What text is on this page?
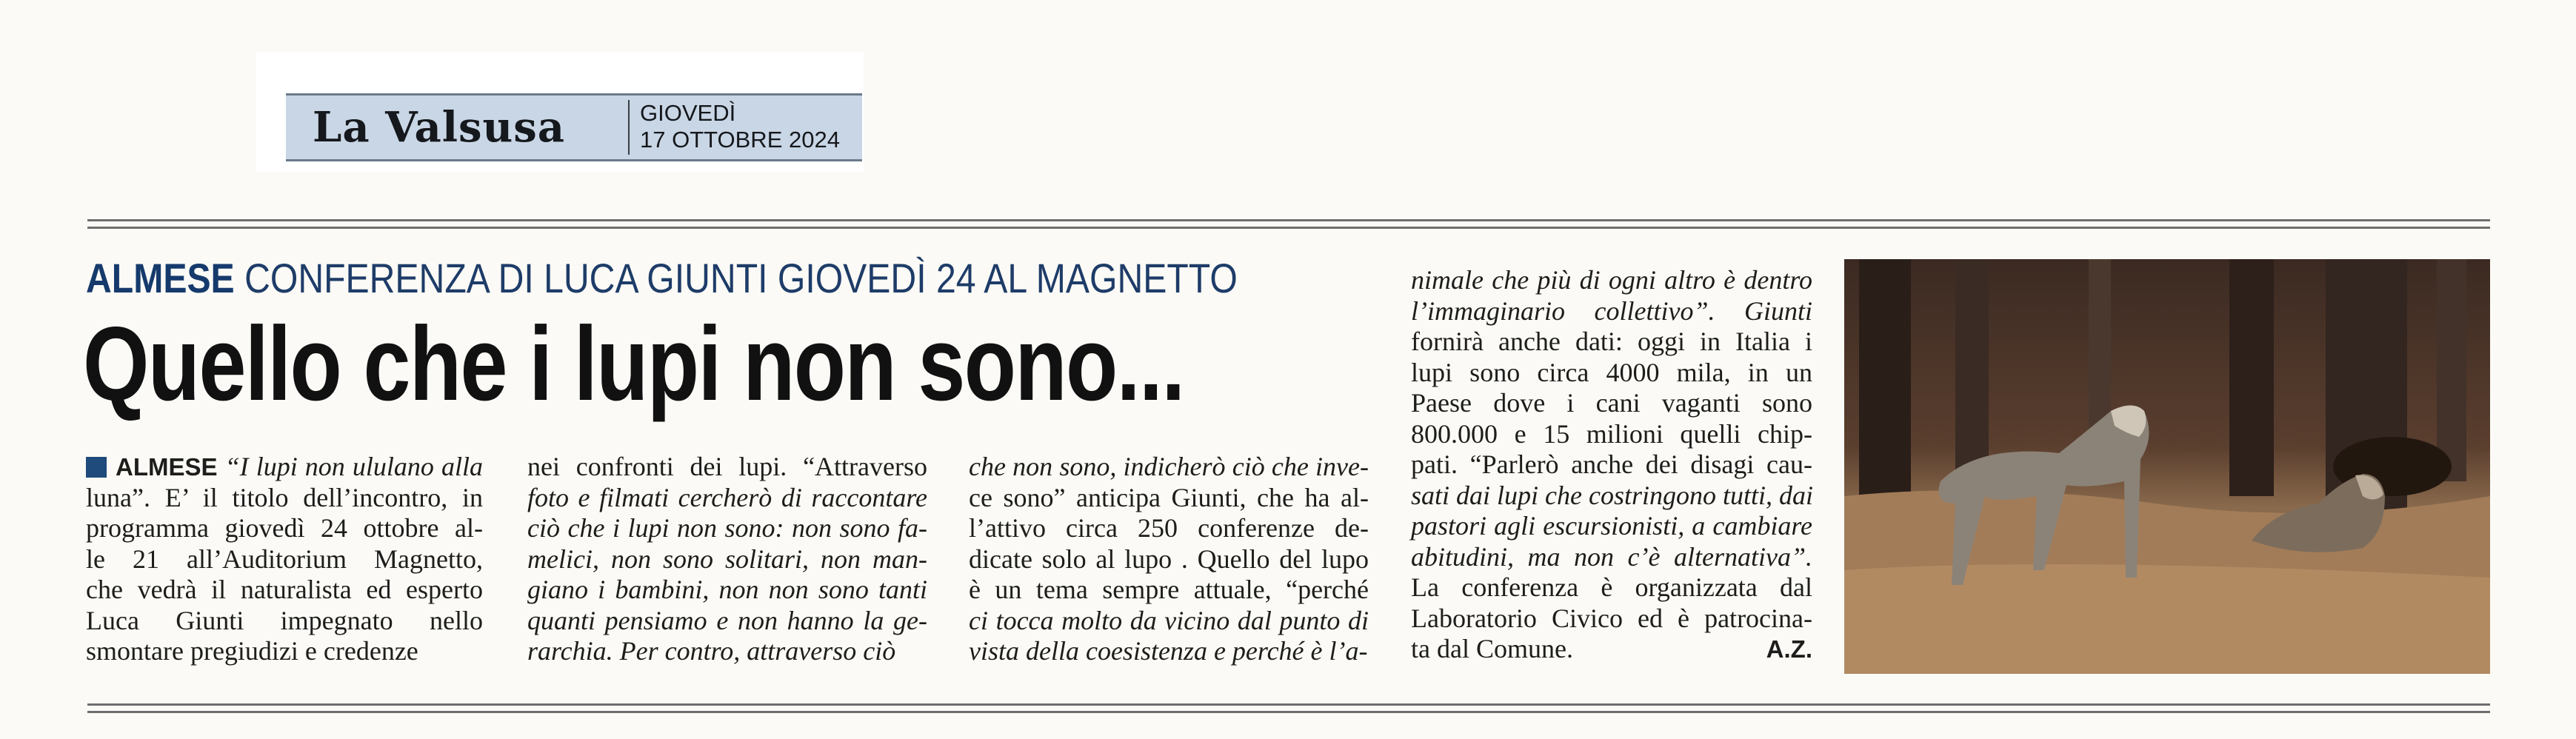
La Valsusa	GIOVEDÌ
17 OTTOBRE 2024
ALMESE CONFERENZA DI LUCA GIUNTI GIOVEDÌ 24 AL MAGNETTO
Quello che i lupi non sono...
ALMESE “I lupi non ululano alla
luna”. E’ il titolo dell’incontro, in
programma giovedì 24 ottobre al-
le 21 all’Auditorium Magnetto,
che vedrà il naturalista ed esperto
Luca Giunti impegnato nello
smontare pregiudizi e credenze
nei confronti dei lupi. “Attraverso
foto e filmati cercherò di raccontare
ciò che i lupi non sono: non sono fa-
melici, non sono solitari, non man-
giano i bambini, non non sono tanti
quanti pensiamo e non hanno la ge-
rarchia. Per contro, attraverso ciò
che non sono, indicherò ciò che inve-
ce sono” anticipa Giunti, che ha al-
l’attivo circa 250 conferenze de-
dicate solo al lupo . Quello del lupo
è un tema sempre attuale, “perché
ci tocca molto da vicino dal punto di
vista della coesistenza e perché è l’a-
nimale che più di ogni altro è dentro
l’immaginario collettivo”. Giunti
fornirà anche dati: oggi in Italia i
lupi sono circa 4000 mila, in un
Paese dove i cani vaganti sono
800.000 e 15 milioni quelli chip-
pati. “Parlerò anche dei disagi cau-
sati dai lupi che costringono tutti, dai
pastori agli escursionisti, a cambiare
abitudini, ma non c’è alternativa”.
La conferenza è organizzata dal
Laboratorio Civico ed è patrocina-
ta dal Comune.	A.Z.
